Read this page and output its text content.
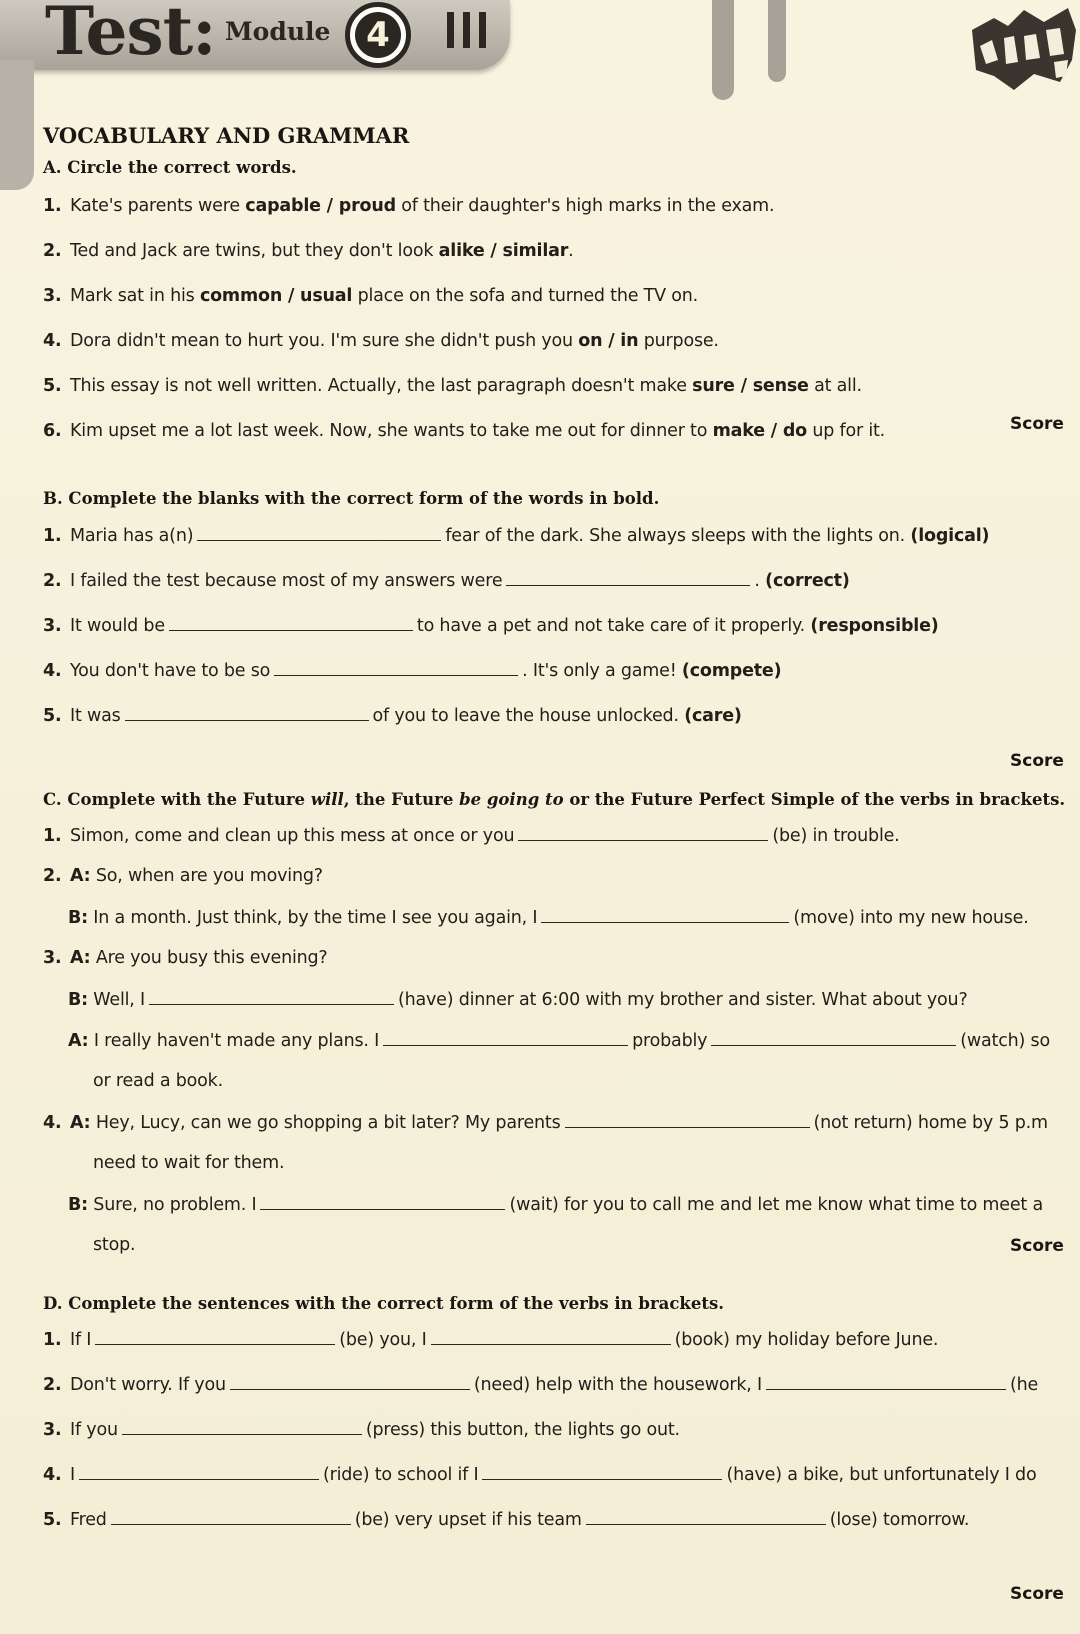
Test: Module	4
VOCABULARY AND GRAMMAR
A. Circle the correct words.
1. Kate's parents were capable / proud of their daughter's high marks in the exam.
2. Ted and Jack are twins, but they don't look alike / similar.
3. Mark sat in his common / usual place on the sofa and turned the TV on.
4. Dora didn't mean to hurt you. I'm sure she didn't push you on / in purpose.
5. This essay is not well written. Actually, the last paragraph doesn't make sure / sense at all.
6. Kim upset me a lot last week. Now, she wants to take me out for dinner to make / do up for it.	Score
B. Complete the blanks with the correct form of the words in bold.
1. Maria has a(n)	fear of the dark. She always sleeps with the lights on. (logical)
2. I failed the test because most of my answers were	. (correct)
3. It would be	to have a pet and not take care of it properly. (responsible)
4. You don't have to be so	. It's only a game! (compete)
5. It was	of you to leave the house unlocked. (care)
Score
C. Complete with the Future will, the Future be going to or the Future Perfect Simple of the verbs in brackets.
1. Simon, come and clean up this mess at once or you	(be) in trouble.
2. A: So, when are you moving?
B: In a month. Just think, by the time I see you again, I	(move) into my new house.
3. A: Are you busy this evening?
B: Well, I	(have) dinner at 6:00 with my brother and sister. What about you?
A: I really haven't made any plans. I	probably	(watch) so
or read a book.
4. A: Hey, Lucy, can we go shopping a bit later? My parents	(not return) home by 5 p.m
need to wait for them.
B: Sure, no problem. I	(wait) for you to call me and let me know what time to meet a
stop.	Score
D. Complete the sentences with the correct form of the verbs in brackets.
1. If I	(be) you, I	(book) my holiday before June.
2. Don't worry. If you	(need) help with the housework, I	(he
3. If you	(press) this button, the lights go out.
4. I	(ride) to school if I	(have) a bike, but unfortunately I do
5. Fred	(be) very upset if his team	(lose) tomorrow.
Score
